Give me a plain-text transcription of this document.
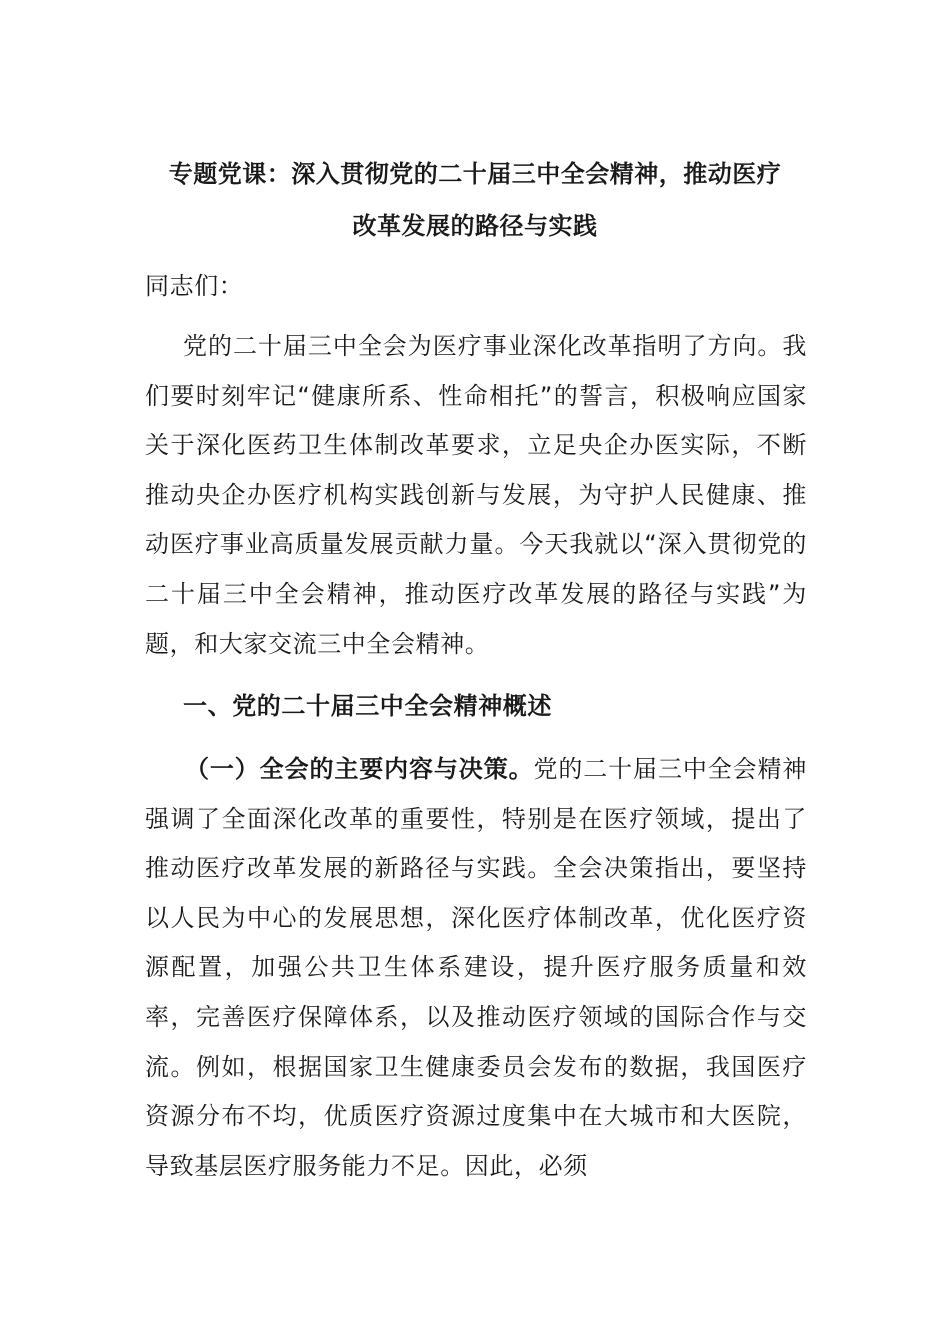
专题党课：深入贯彻党的二十届三中全会精神，推动医疗
改革发展的路径与实践

同志们：

党的二十届三中全会为医疗事业深化改革指明了方向。我们要时刻牢记“健康所系、性命相托”的誓言，积极响应国家关于深化医药卫生体制改革要求，立足央企办医实际，不断推动央企办医疗机构实践创新与发展，为守护人民健康、推动医疗事业高质量发展贡献力量。今天我就以“深入贯彻党的二十届三中全会精神，推动医疗改革发展的路径与实践”为题，和大家交流三中全会精神。

一、党的二十届三中全会精神概述

（一）全会的主要内容与决策。党的二十届三中全会精神强调了全面深化改革的重要性，特别是在医疗领域，提出了推动医疗改革发展的新路径与实践。全会决策指出，要坚持以人民为中心的发展思想，深化医疗体制改革，优化医疗资源配置，加强公共卫生体系建设，提升医疗服务质量和效率，完善医疗保障体系，以及推动医疗领域的国际合作与交流。例如，根据国家卫生健康委员会发布的数据，我国医疗资源分布不均，优质医疗资源过度集中在大城市和大医院，导致基层医疗服务能力不足。因此，必须
